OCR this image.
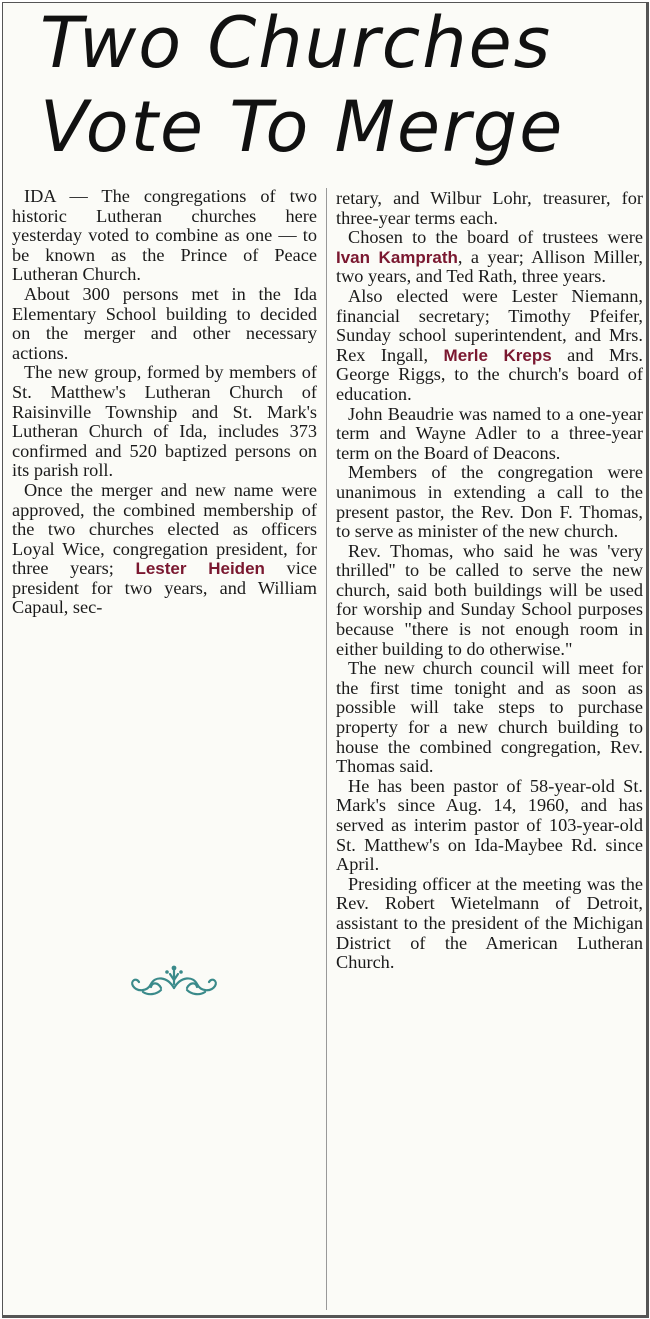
Two Churches
Vote To Merge

IDA — The congregations of two historic Lutheran churches here yesterday voted to combine as one — to be known as the Prince of Peace Lutheran Church.

About 300 persons met in the Ida Elementary School building to decided on the merger and other necessary actions.

The new group, formed by members of St. Matthew's Lutheran Church of Raisinville Township and St. Mark's Lutheran Church of Ida, includes 373 confirmed and 520 baptized persons on its parish roll.

Once the merger and new name were approved, the combined membership of the two churches elected as officers Loyal Wice, congregation president, for three years; Lester Heiden vice president for two years, and William Capaul, sec-

retary, and Wilbur Lohr, treasurer, for three-year terms each.

Chosen to the board of trustees were Ivan Kamprath, a year; Allison Miller, two years, and Ted Rath, three years.

Also elected were Lester Niemann, financial secretary; Timothy Pfeifer, Sunday school superintendent, and Mrs. Rex Ingall, Merle Kreps and Mrs. George Riggs, to the church's board of education.

John Beaudrie was named to a one-year term and Wayne Adler to a three-year term on the Board of Deacons.

Members of the congregation were unanimous in extending a call to the present pastor, the Rev. Don F. Thomas, to serve as minister of the new church.

Rev. Thomas, who said he was 'very thrilled'' to be called to serve the new church, said both buildings will be used for worship and Sunday School purposes because "there is not enough room in either building to do otherwise."

The new church council will meet for the first time tonight and as soon as possible will take steps to purchase property for a new church building to house the combined congregation, Rev. Thomas said.

He has been pastor of 58-year-old St. Mark's since Aug. 14, 1960, and has served as interim pastor of 103-year-old St. Matthew's on Ida-Maybee Rd. since April.

Presiding officer at the meeting was the Rev. Robert Wietelmann of Detroit, assistant to the president of the Michigan District of the American Lutheran Church.
